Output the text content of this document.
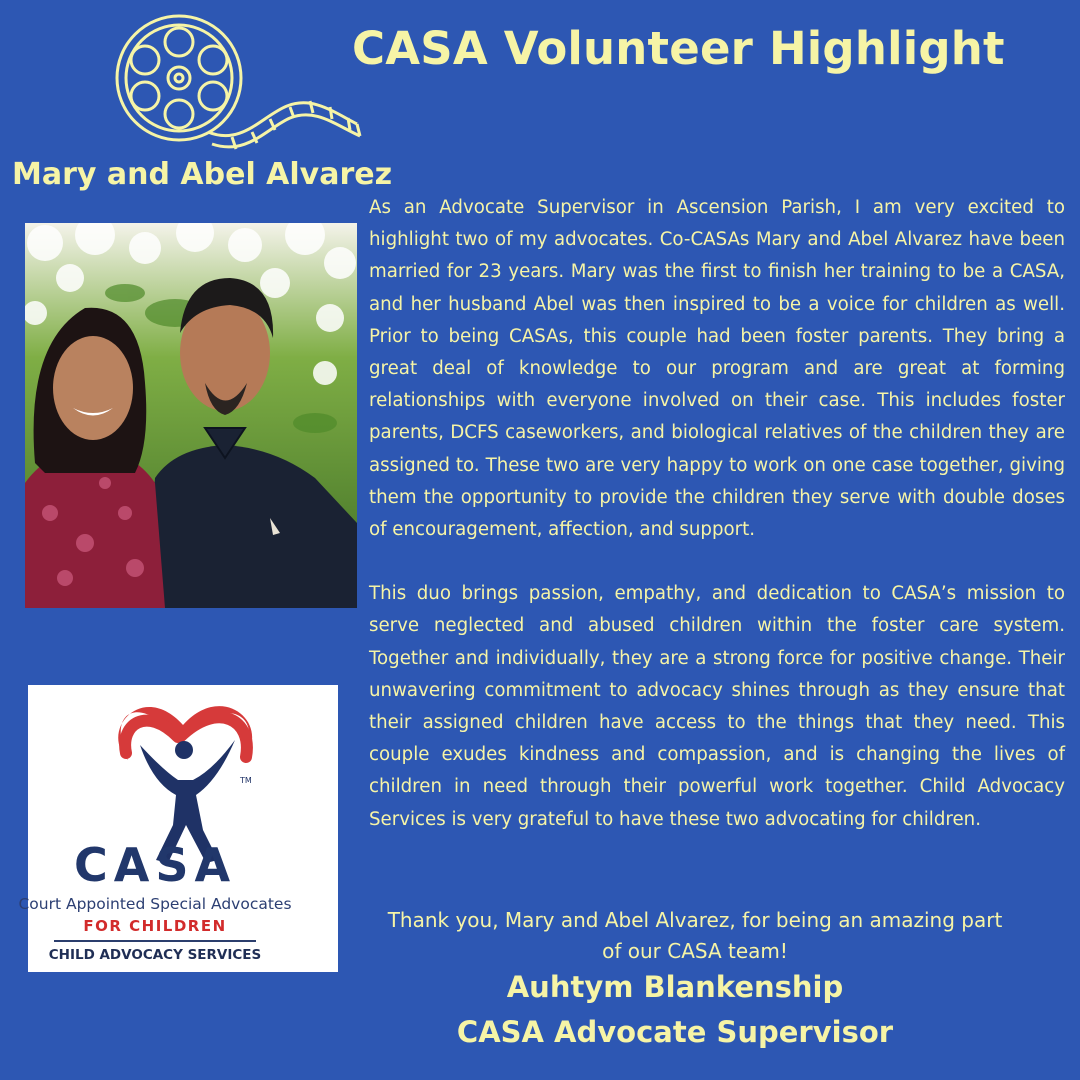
CASA Volunteer Highlight
Mary and Abel Alvarez

As an Advocate Supervisor in Ascension Parish, I am very excited to highlight two of my advocates. Co-CASAs Mary and Abel Alvarez have been married for 23 years. Mary was the first to finish her training to be a CASA, and her husband Abel was then inspired to be a voice for children as well. Prior to being CASAs, this couple had been foster parents. They bring a great deal of knowledge to our program and are great at forming relationships with everyone involved on their case. This includes foster parents, DCFS caseworkers, and biological relatives of the children they are assigned to. These two are very happy to work on one case together, giving them the opportunity to provide the children they serve with double doses of encouragement, affection, and support.

This duo brings passion, empathy, and dedication to CASA’s mission to serve neglected and abused children within the foster care system. Together and individually, they are a strong force for positive change. Their unwavering commitment to advocacy shines through as they ensure that their assigned children have access to the things that they need. This couple exudes kindness and compassion, and is changing the lives of children in need through their powerful work together. Child Advocacy Services is very grateful to have these two advocating for children.

TM
CASA
Court Appointed Special Advocates
FOR CHILDREN
CHILD ADVOCACY SERVICES
Thank you, Mary and Abel Alvarez, for being an amazing part
of our CASA team!
Auhtym Blankenship
CASA Advocate Supervisor
